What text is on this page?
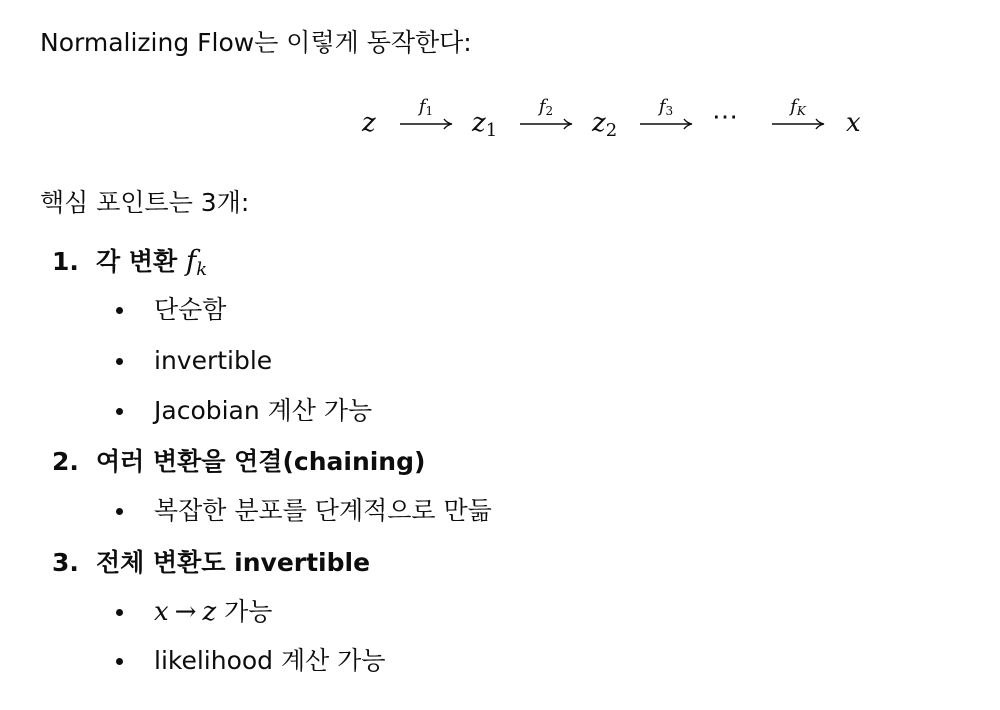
Normalizing Flow는 이렇게 동작한다:
z
$f_1$	$z_1$
$f_2$	$z_2$
$f_3$	⋯	$f_K$	x
핵심 포인트는 3개:
1. 각 변환 $f_k$
단순함
invertible
Jacobian 계산 가능
2. 여러 변환을 연결(chaining)
복잡한 분포를 단계적으로 만듦
3. 전체 변환도 invertible
x → z 가능
likelihood 계산 가능
